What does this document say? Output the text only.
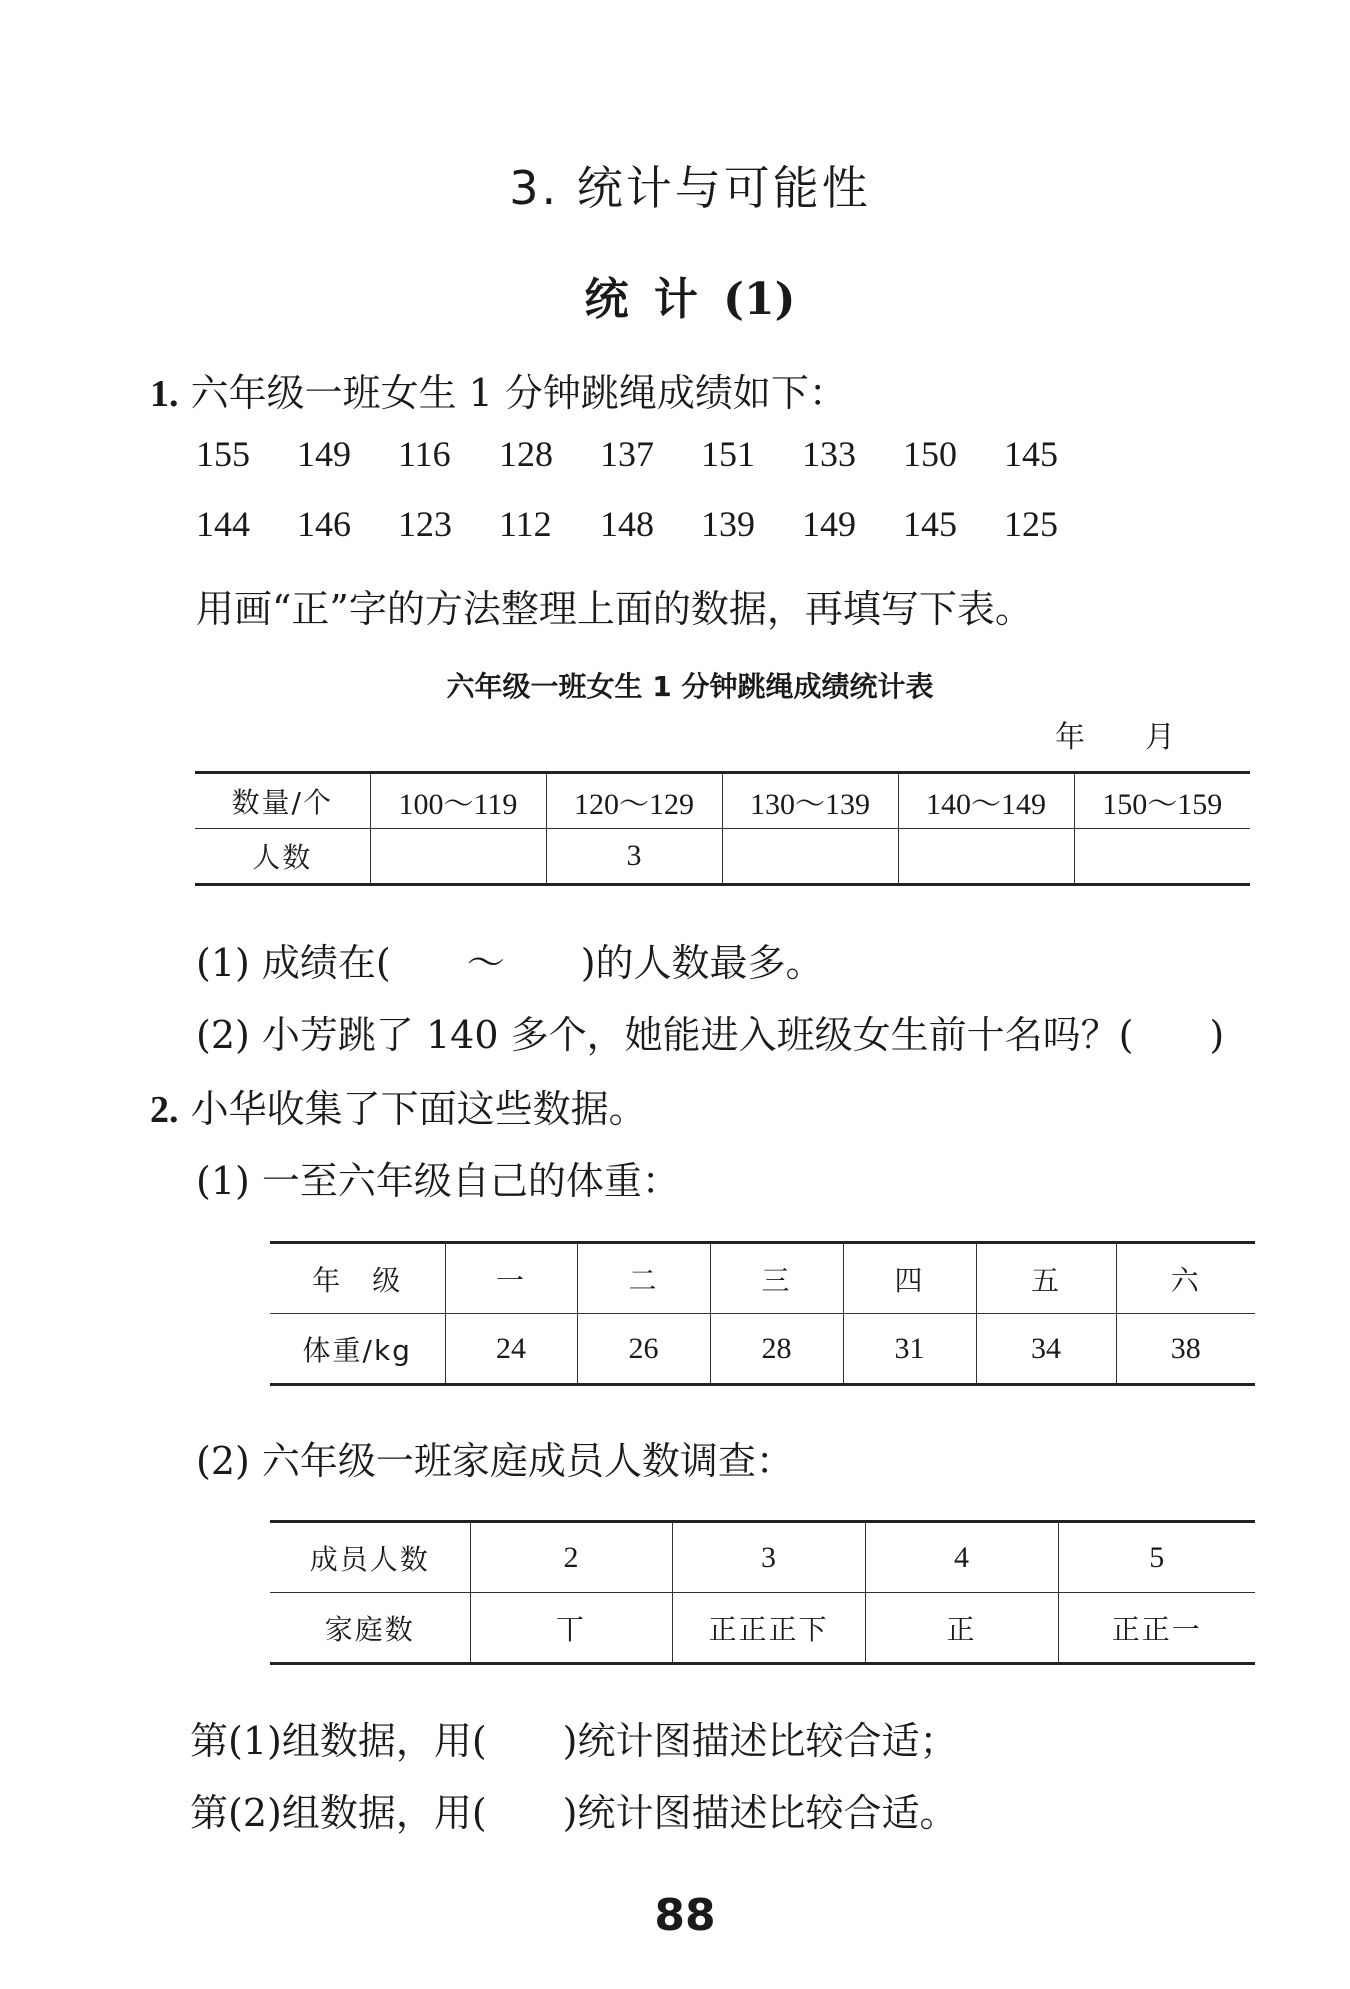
3. 统计与可能性
统 计 (1)
1. 六年级一班女生 1 分钟跳绳成绩如下：
155 149 116 128 137 151 133 150 145
144 146 123 112 148 139 149 145 125
用画“正”字的方法整理上面的数据，再填写下表。
六年级一班女生 1 分钟跳绳成绩统计表
年 月
数量/个	100～119	120～129	130～139	140～149	150～159
人数		3			
(1) 成绩在(　　～　　)的人数最多。
(2) 小芳跳了 140 多个，她能进入班级女生前十名吗？(　　)
2. 小华收集了下面这些数据。
(1) 一至六年级自己的体重：
年　级	一	二	三	四	五	六
体重/kg	24	26	28	31	34	38
(2) 六年级一班家庭成员人数调查：
成员人数	2	3	4	5
家庭数	丅	正正正下	正	正正一
第(1)组数据，用(　　)统计图描述比较合适；
第(2)组数据，用(　　)统计图描述比较合适。
88
